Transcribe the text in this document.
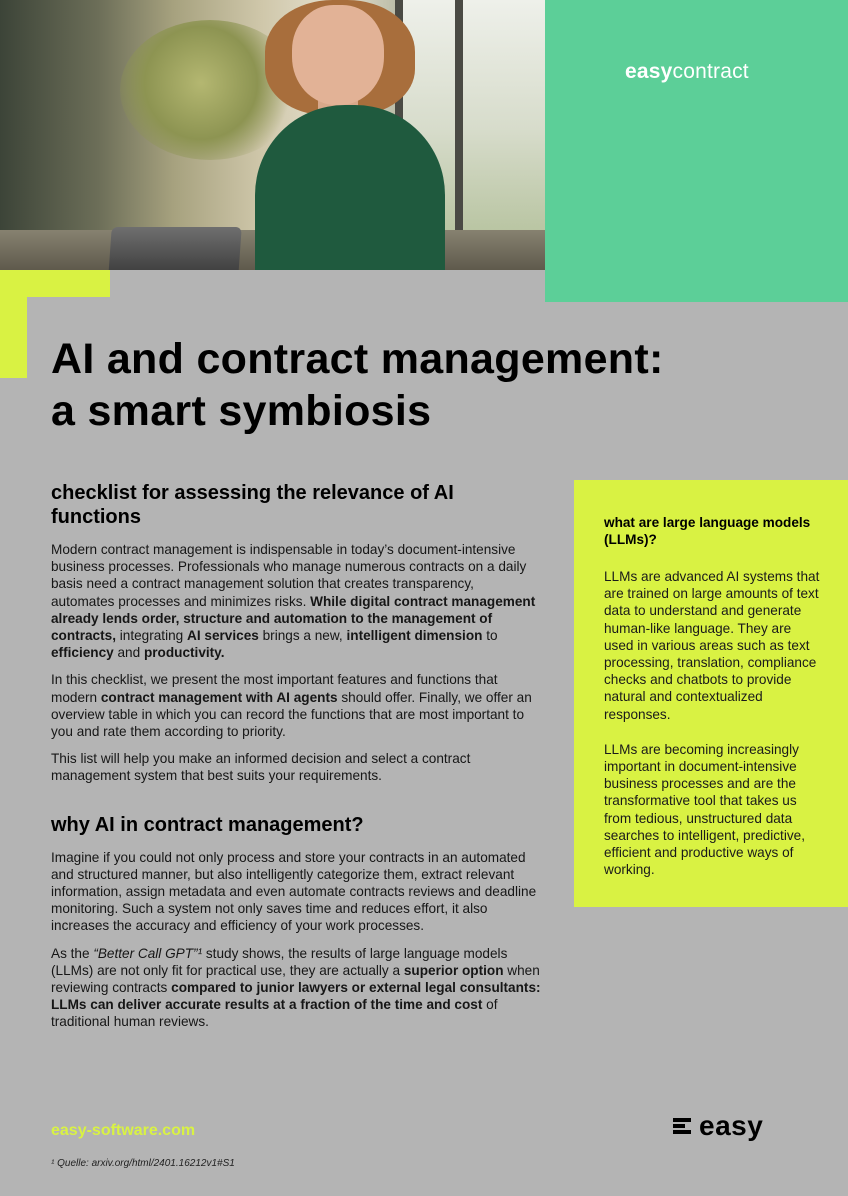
easycontract
AI and contract management:
a smart symbiosis
checklist for assessing the relevance of AI functions

Modern contract management is indispensable in today’s document-intensive business processes. Professionals who manage numerous contracts on a daily basis need a contract management solution that creates transparency, automates processes and minimizes risks. While digital contract management already lends order, structure and automation to the management of contracts, integrating AI services brings a new, intelligent dimension to efficiency and productivity.

In this checklist, we present the most important features and functions that modern contract management with AI agents should offer. Finally, we offer an overview table in which you can record the functions that are most important to you and rate them according to priority.

This list will help you make an informed decision and select a contract management system that best suits your requirements.

why AI in contract management?

Imagine if you could not only process and store your contracts in an automated and structured manner, but also intelligently categorize them, extract relevant information, assign metadata and even automate contracts reviews and deadline monitoring. Such a system not only saves time and reduces effort, it also increases the accuracy and efficiency of your work processes.

As the “Better Call GPT”¹ study shows, the results of large language models (LLMs) are not only fit for practical use, they are actually a superior option when reviewing contracts compared to junior lawyers or external legal consultants: LLMs can deliver accurate results at a fraction of the time and cost of traditional human reviews.

what are large language models (LLMs)?

LLMs are advanced AI systems that are trained on large amounts of text data to understand and generate human-like language. They are used in various areas such as text processing, translation, compliance checks and chatbots to provide natural and contextualized responses.

LLMs are becoming increasingly important in document-intensive business processes and are the transformative tool that takes us from tedious, unstructured data searches to intelligent, predictive, efficient and productive ways of working.

easy-software.com	easy
¹ Quelle: arxiv.org/html/2401.16212v1#S1
